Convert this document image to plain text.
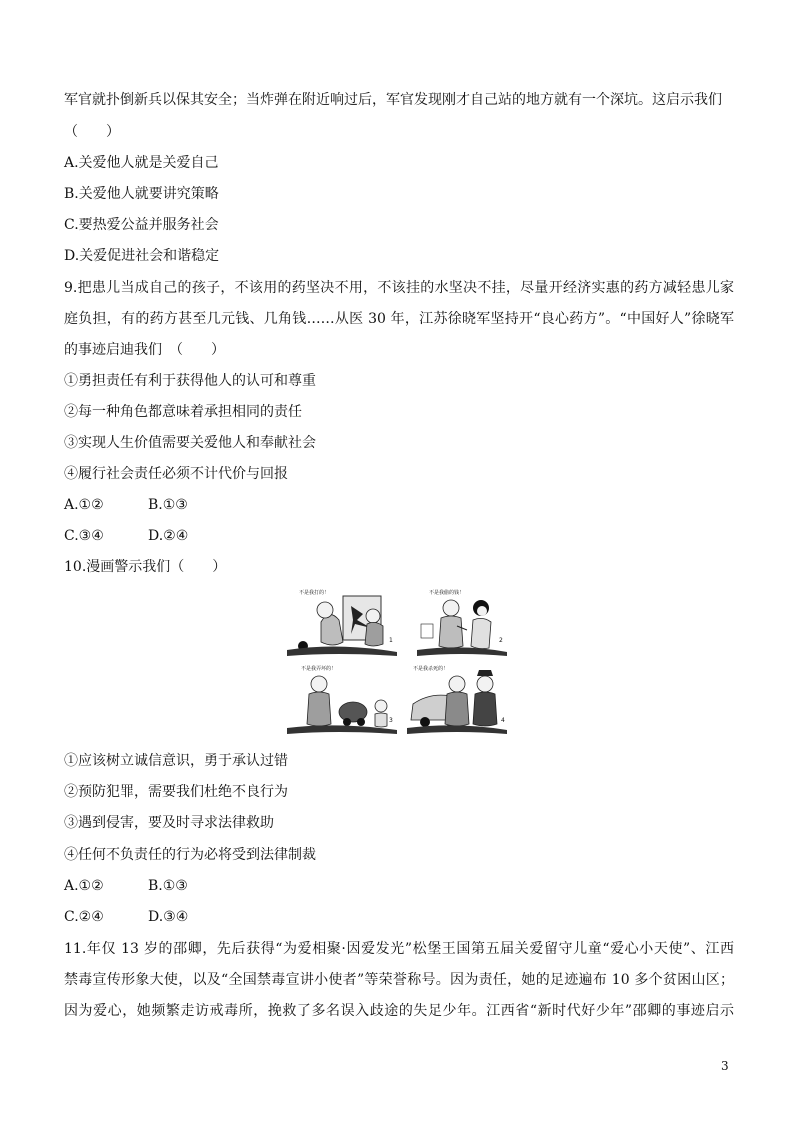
军官就扑倒新兵以保其安全；当炸弹在附近响过后，军官发现刚才自己站的地方就有一个深坑。这启示我们
（　　）
A.关爱他人就是关爱自己
B.关爱他人就要讲究策略
C.要热爱公益并服务社会
D.关爱促进社会和谐稳定
9.把患儿当成自己的孩子，不该用的药坚决不用，不该挂的水坚决不挂，尽量开经济实惠的药方减轻患儿家
庭负担，有的药方甚至几元钱、几角钱……从医 30 年，江苏徐晓军坚持开“良心药方”。“中国好人”徐晓军
的事迹启迪我们　（　　）
①勇担责任有利于获得他人的认可和尊重
②每一种角色都意味着承担相同的责任
③实现人生价值需要关爱他人和奉献社会
④履行社会责任必须不计代价与回报
A.①②	B.①③
C.③④	D.②④
10.漫画警示我们（　　）
不是我打的！
1
不是我偷的钱！
2
不是我弄坏的！
3
不是我杀死的！
4
①应该树立诚信意识，勇于承认过错
②预防犯罪，需要我们杜绝不良行为
③遇到侵害，要及时寻求法律救助
④任何不负责任的行为必将受到法律制裁
A.①②	B.①③
C.②④	D.③④
11.年仅 13 岁的邵卿，先后获得“为爱相聚·因爱发光”松堡王国第五届关爱留守儿童“爱心小天使”、江西
禁毒宣传形象大使，以及“全国禁毒宣讲小使者”等荣誉称号。因为责任，她的足迹遍布 10 多个贫困山区；
因为爱心，她频繁走访戒毒所，挽救了多名误入歧途的失足少年。江西省“新时代好少年”邵卿的事迹启示
3
